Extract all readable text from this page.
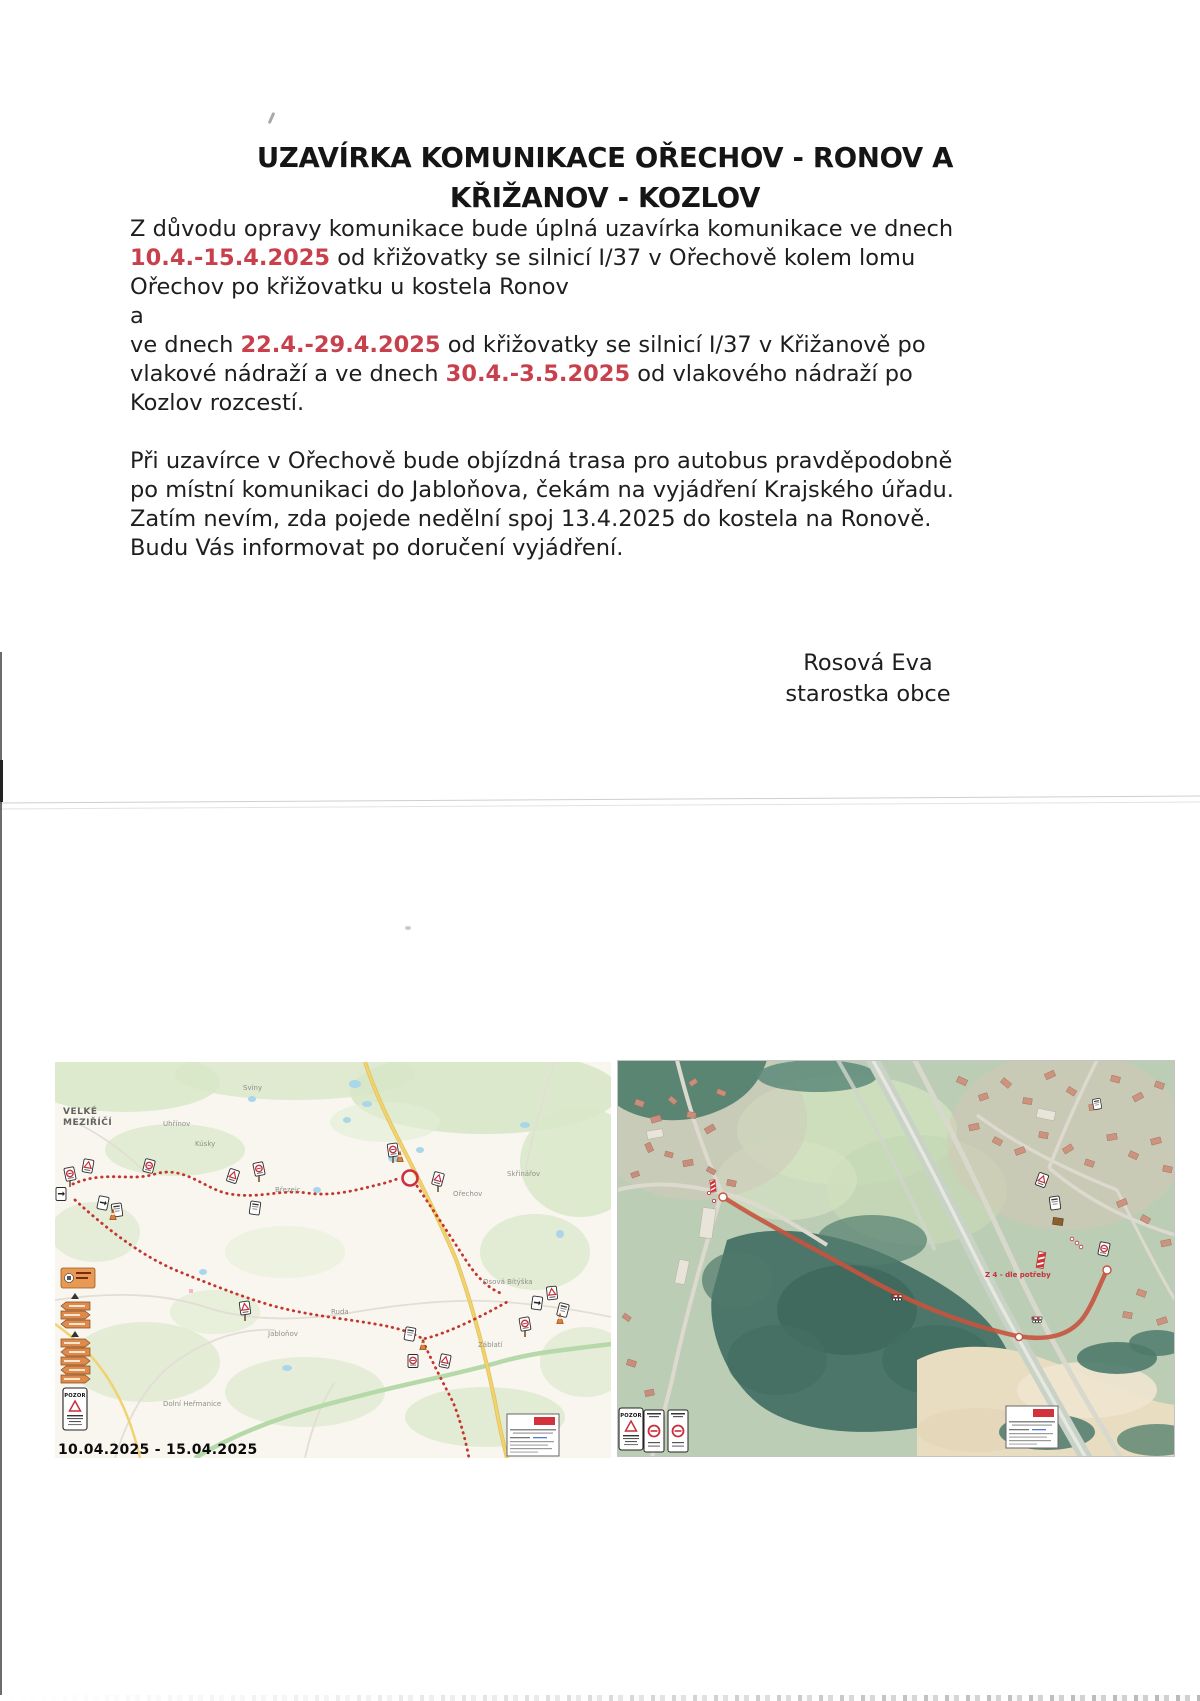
UZAVÍRKA KOMUNIKACE OŘECHOV - RONOV A
KŘIŽANOV - KOZLOV
Z důvodu opravy komunikace bude úplná uzavírka komunikace ve dnech
10.4.-15.4.2025 od křižovatky se silnicí I/37 v Ořechově kolem lomu
Ořechov po křižovatku u kostela Ronov
a
ve dnech 22.4.-29.4.2025 od křižovatky se silnicí I/37 v Křižanově po
vlakové nádraží a ve dnech 30.4.-3.5.2025 od vlakového nádraží po
Kozlov rozcestí.
Při uzavírce v Ořechově bude objízdná trasa pro autobus pravděpodobně
po místní komunikaci do Jabloňova, čekám na vyjádření Krajského úřadu.
Zatím nevím, zda pojede nedělní spoj 13.4.2025 do kostela na Ronově.
Budu Vás informovat po doručení vyjádření.
Rosová Eva
starostka obce
VELKÉ
MEZIŘÍČÍ
Sviny
Uhřínov
Kúsky
Březejc	Ořechov
Skřinářov
Osová Bítýška
Ruda
Jabloňov
Záblatí
Dolní Heřmanice
10.04.2025 - 15.04.2025
Z 4 - dle potřeby
